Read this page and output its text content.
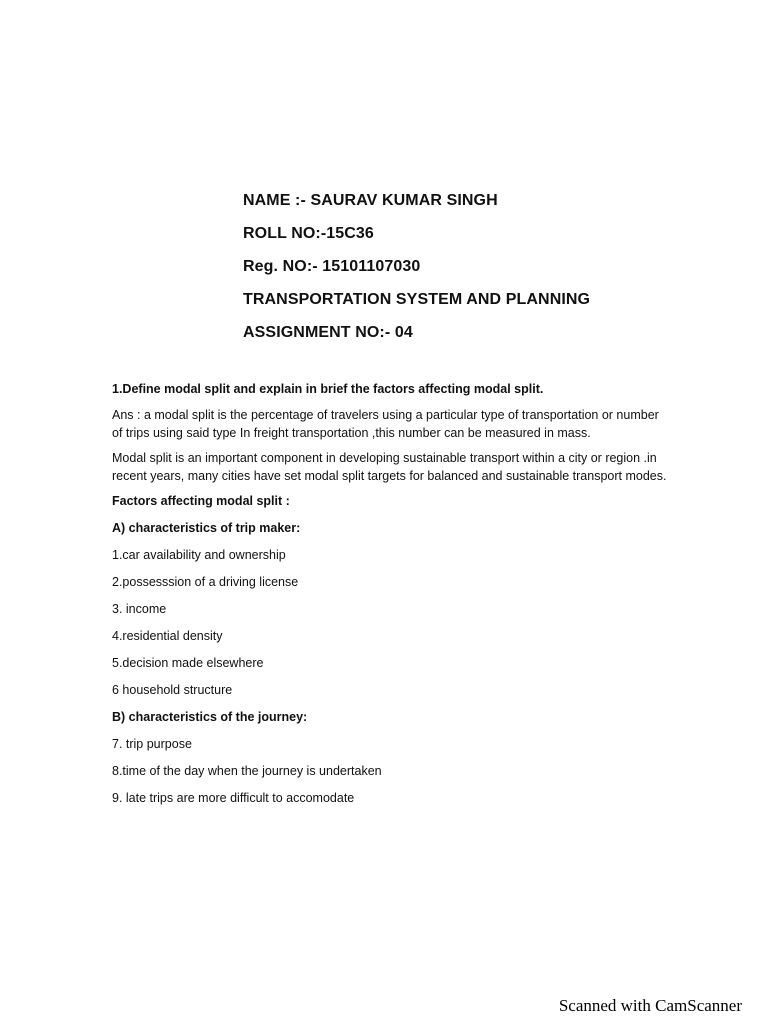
NAME :- SAURAV KUMAR SINGH
ROLL NO:-15C36
Reg. NO:- 15101107030
TRANSPORTATION SYSTEM AND PLANNING
ASSIGNMENT NO:- 04
1.Define modal split and explain in brief the factors affecting modal split.

Ans : a modal split is the percentage of travelers using a particular type of transportation or number of trips using said type In freight transportation ,this number can be measured in mass.

Modal split is an important component in developing sustainable transport within a city or region .in recent years, many cities have set modal split targets for balanced and sustainable transport modes.

Factors affecting modal split :
A) characteristics of trip maker:
1.car availability and ownership
2.possesssion of a driving license
3. income
4.residential density
5.decision made elsewhere
6 household structure
B) characteristics of the journey:
7. trip purpose
8.time of the day when the journey is undertaken
9. late trips are more difficult to accomodate
Scanned with CamScanner
